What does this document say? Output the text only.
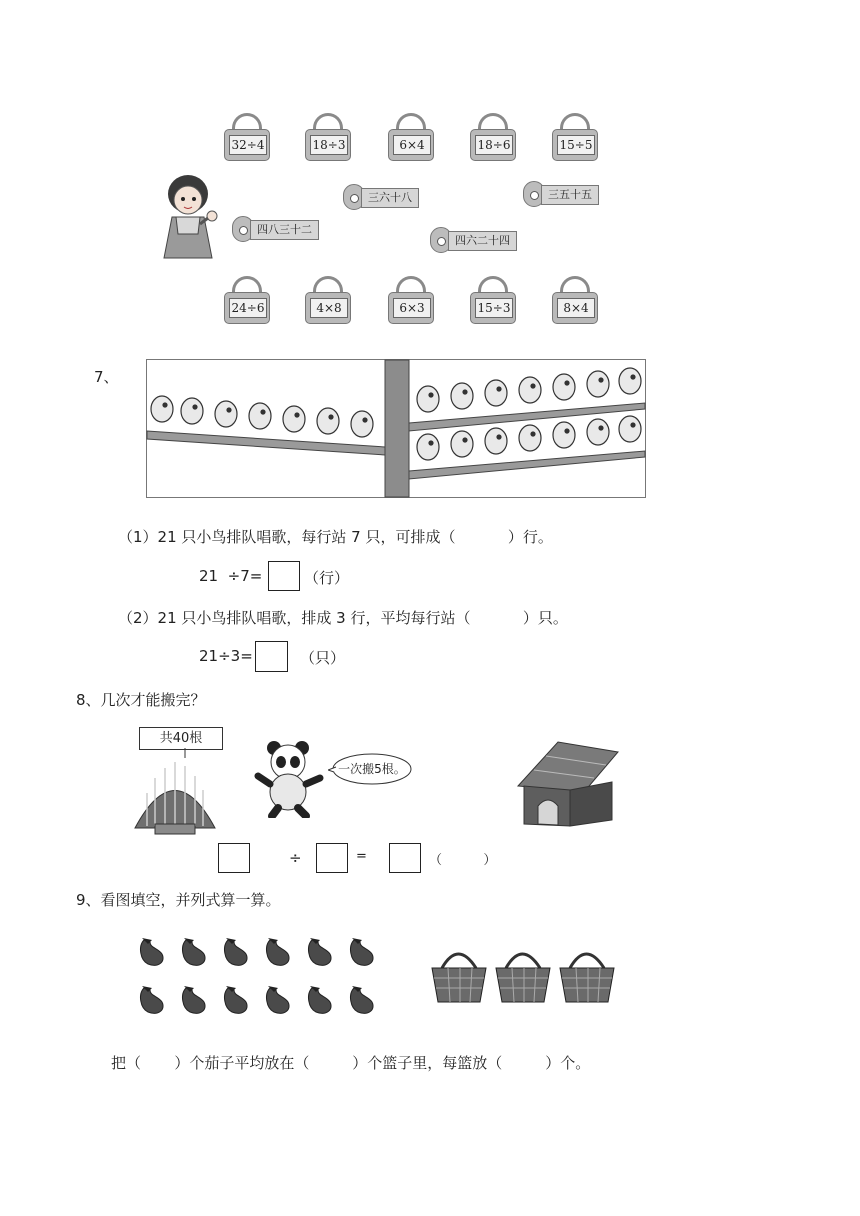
32÷4	18÷3	6×4	18÷6	15÷5
四八三十二
三六十八
四六二十四
三五十五
24÷6	4×8	6×3	15÷3	8×4
7、
（1）21 只小鸟排队唱歌，每行站 7 只，可排成（           ）行。
21  ÷7=	（行）
（2）21 只小鸟排队唱歌，排成 3 行，平均每行站（           ）只。
21÷3=	（只）
8、几次才能搬完？
共40根
一次搬5根。
÷	=	（          ）
9、看图填空，并列式算一算。
把（       ）个茄子平均放在（         ）个篮子里，每篮放（         ）个。
